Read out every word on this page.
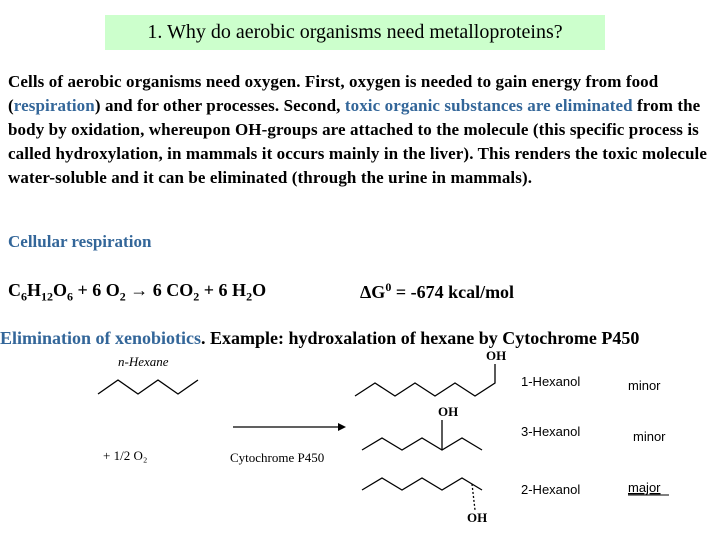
1. Why do aerobic organisms need metalloproteins?
Cells of aerobic organisms need oxygen. First, oxygen is needed to gain energy from food (respiration) and for other processes. Second, toxic organic substances are eliminated from the body by oxidation, whereupon OH-groups are attached to the molecule (this specific process is called hydroxylation, in mammals it occurs mainly in the liver). This renders the toxic molecule water-soluble and it can be eliminated (through the urine in mammals).
Cellular respiration
$C_6H_{12}O_6 + 6$ $O_2 \to 6$ $CO_2 + 6$ $H_2O$	$\Delta G^0 = -674$ kcal/mol
Elimination of xenobiotics. Example: hydroxalation of hexane by Cytochrome P450
n-Hexane
+ 1/2 O₂	Cytochrome P450
OH
1-Hexanol	minor
OH
3-Hexanol	minor
OH
2-Hexanol	major
